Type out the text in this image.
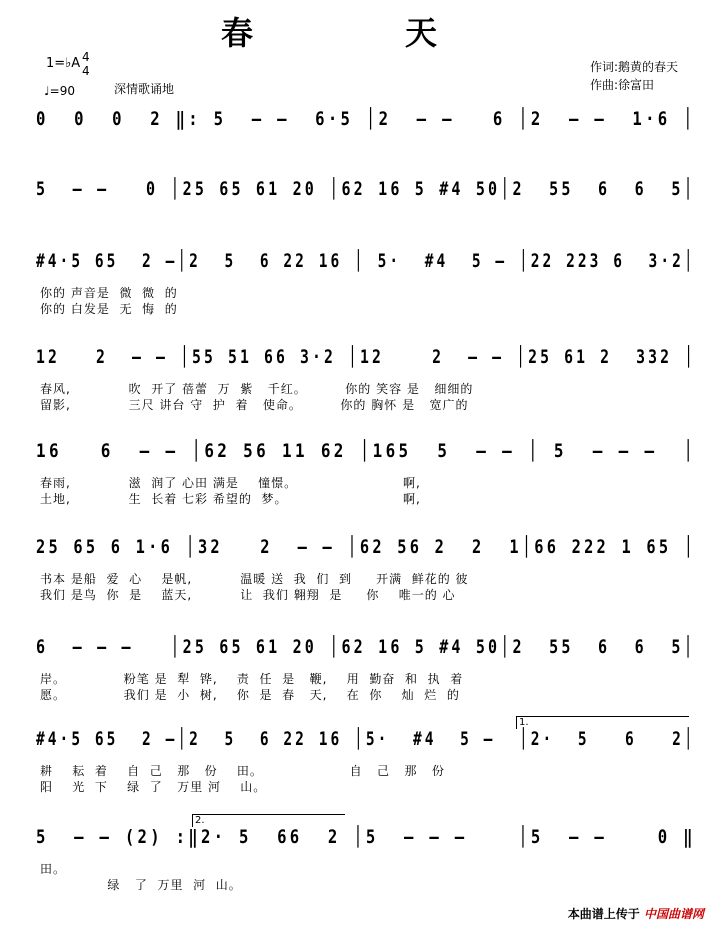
春　天
1=♭A 4
4
♩=90	深情歌诵地
作词:鹅黄的春天
作曲:徐富田
0  0  0  2 ‖: 5  — —  6·5 │2  — —   6 │2  — —  1·6 │
5  — —   0 │25 65 61 20 │62 16 5 #4 50│2  55  6  6  5│
#4·5 65  2 —│2  5  6 22 16 │ 5·  #4  5 — │22 223 6  3·2│
你的 声音是  微  微  的
你的 白发是  无  悔  的
12   2  — — │55 51 66 3·2 │12    2  — — │25 61 2  332 │
春风,            吹  开了 蓓蕾  万  紫   千红。        你的 笑容 是   细细的
留影,            三尺 讲台 守  护  着   使命。        你的 胸怀 是   宽广的
16   6  — — │62 56 11 62 │165  5  — — │ 5  — — —  │
春雨,            滋  润了 心田 满是    憧憬。                      啊,
土地,            生  长着 七彩 希望的  梦。                        啊,
25 65 6 1·6 │32   2  — — │62 56 2  2  1│66 222 1 65 │
书本 是船  爱  心    是帆,          温暖 送  我  们  到     开满  鲜花的 彼
我们 是鸟  你  是    蓝天,          让  我们 翱翔  是     你    唯一的 心
6  — — —   │25 65 61 20 │62 16 5 #4 50│2  55  6  6  5│
岸。            粉笔 是  犁  铧,    责  任  是   鞭,    用  勤奋  和  执  着
愿。            我们 是  小  树,    你  是  春   天,    在  你    灿  烂  的
#4·5 65  2 —│2  5  6 22 16 │5·  #4  5 —  │2·  5   6   2│
耕    耘  着    自  己   那   份    田。                  自   己   那   份
阳    光  下    绿  了   万里 河    山。
5  — — (2) :‖2· 5  66  2 │5  — — —    │5  — —    0 ‖
田。
绿   了  万里  河  山。
1.
2.
本曲谱上传于 中国曲谱网
